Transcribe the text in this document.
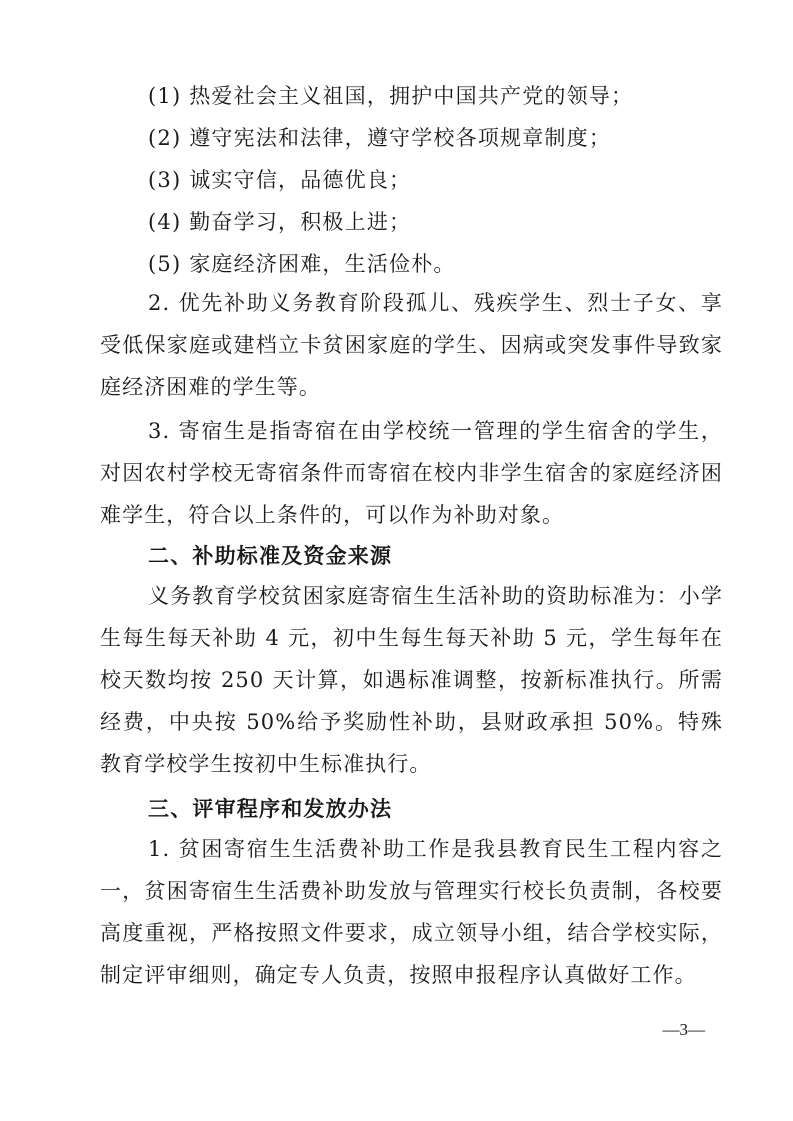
(1) 热爱社会主义祖国，拥护中国共产党的领导；
(2) 遵守宪法和法律，遵守学校各项规章制度；
(3) 诚实守信，品德优良；
(4) 勤奋学习，积极上进；
(5) 家庭经济困难，生活俭朴。
2. 优先补助义务教育阶段孤儿、残疾学生、烈士子女、享受低保家庭或建档立卡贫困家庭的学生、因病或突发事件导致家庭经济困难的学生等。
3. 寄宿生是指寄宿在由学校统一管理的学生宿舍的学生，对因农村学校无寄宿条件而寄宿在校内非学生宿舍的家庭经济困难学生，符合以上条件的，可以作为补助对象。
二、补助标准及资金来源
义务教育学校贫困家庭寄宿生生活补助的资助标准为：小学生每生每天补助 4 元，初中生每生每天补助 5 元，学生每年在校天数均按 250 天计算，如遇标准调整，按新标准执行。所需经费，中央按 50%给予奖励性补助，县财政承担 50%。特殊教育学校学生按初中生标准执行。
三、评审程序和发放办法
1. 贫困寄宿生生活费补助工作是我县教育民生工程内容之一，贫困寄宿生生活费补助发放与管理实行校长负责制，各校要高度重视，严格按照文件要求，成立领导小组，结合学校实际，制定评审细则，确定专人负责，按照申报程序认真做好工作。
—3—
